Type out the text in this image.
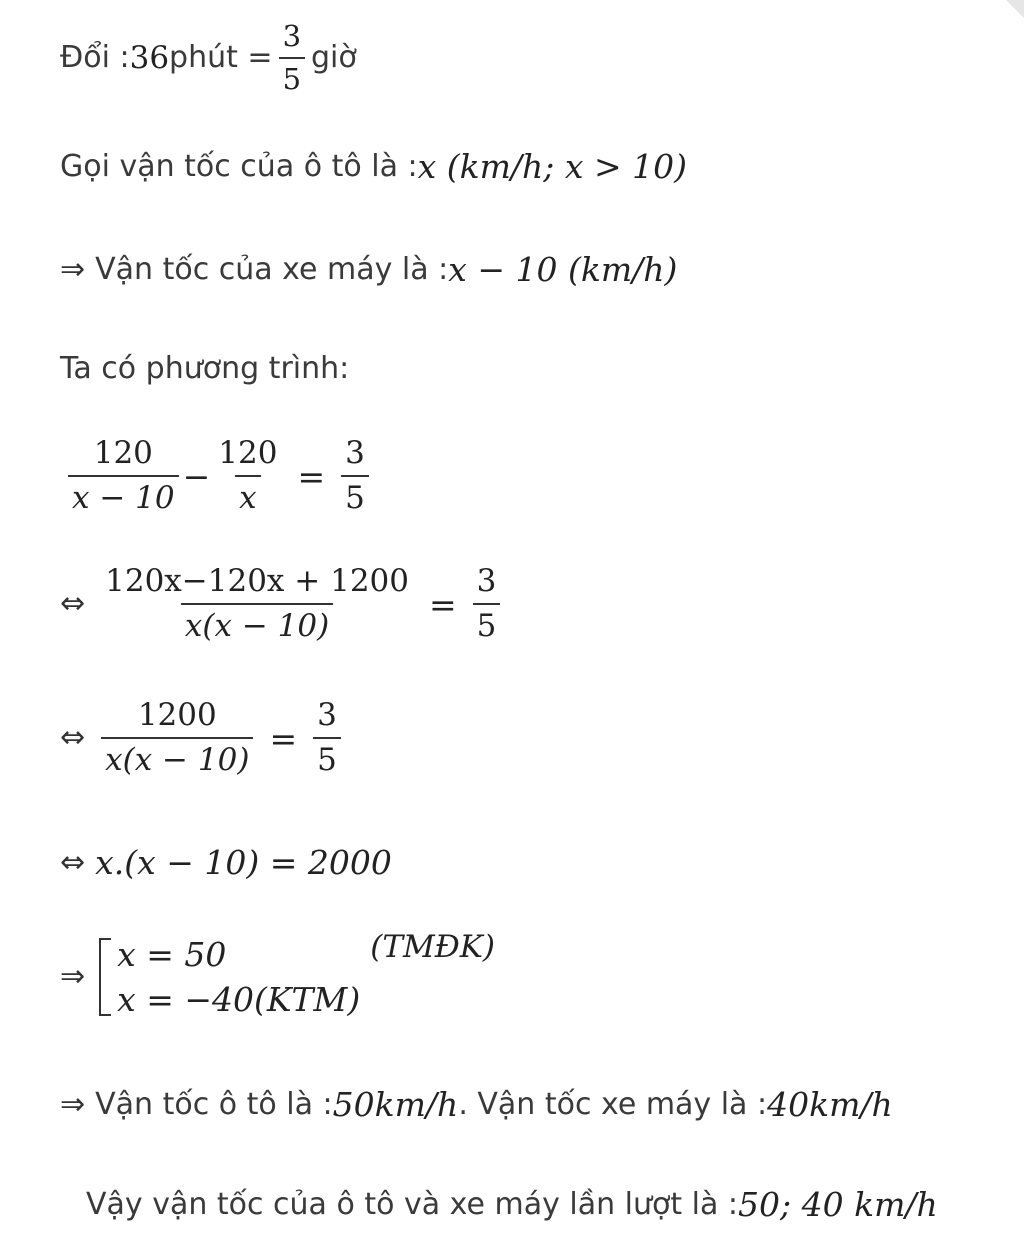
Đổi : 36 phút = $\frac{3}{5}$ giờ
Gọi vận tốc của ô tô là : x (km/h; x > 10)
⇒ Vận tốc của xe máy là : x − 10 (km/h)
Ta có phương trình:
$\frac{120}{x - 10} - \frac{120}{x} = \frac{3}{5}$
⇔ $\frac{120x-120x + 1200}{x(x - 10)} = \frac{3}{5}$
⇔ $\frac{1200}{x(x - 10)} = \frac{3}{5}$
⇔ x.(x − 10) = 2000
⇒
x = 50
x = −40(KTM)
(TMĐK)
⇒ Vận tốc ô tô là : 50km/h . Vận tốc xe máy là : 40km/h
Vậy vận tốc của ô tô và xe máy lần lượt là : 50; 40 km/h
